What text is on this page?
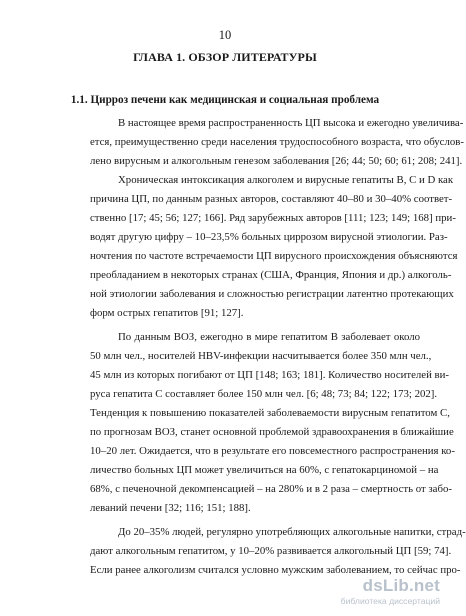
10
ГЛАВА 1. ОБЗОР ЛИТЕРАТУРЫ
1.1. Цирроз печени как медицинская и социальная проблема
В настоящее время распространенность ЦП высока и ежегодно увеличива-
ется, преимущественно среди населения трудоспособного возраста, что обуслов-
лено вирусным и алкогольным генезом заболевания [26; 44; 50; 60; 61; 208; 241].
Хроническая интоксикация алкоголем и вирусные гепатиты B, C и D как
причина ЦП, по данным разных авторов, составляют 40–80 и 30–40% соответ-
ственно [17; 45; 56; 127; 166]. Ряд зарубежных авторов [111; 123; 149; 168] при-
водят другую цифру – 10–23,5% больных циррозом вирусной этиологии. Раз-
ночтения по частоте встречаемости ЦП вирусного происхождения объясняются
преобладанием в некоторых странах (США, Франция, Япония и др.) алкоголь-
ной этиологии заболевания и сложностью регистрации латентно протекающих
форм острых гепатитов [91; 127].
По данным ВОЗ, ежегодно в мире гепатитом B заболевает около
50 млн чел., носителей HBV-инфекции насчитывается более 350 млн чел.,
45 млн из которых погибают от ЦП [148; 163; 181]. Количество носителей ви-
руса гепатита С составляет более 150 млн чел. [6; 48; 73; 84; 122; 173; 202].
Тенденция к повышению показателей заболеваемости вирусным гепатитом С,
по прогнозам ВОЗ, станет основной проблемой здравоохранения в ближайшие
10–20 лет. Ожидается, что в результате его повсеместного распространения ко-
личество больных ЦП может увеличиться на 60%, с гепатокарциномой – на
68%, с печеночной декомпенсацией – на 280% и в 2 раза – смертность от забо-
леваний печени [32; 116; 151; 188].
До 20–35% людей, регулярно употребляющих алкогольные напитки, страд-
дают алкогольным гепатитом, у 10–20% развивается алкогольный ЦП [59; 74].
Если ранее алкоголизм считался условно мужским заболеванием, то сейчас про-
dsLib.net
библиотека диссертаций
